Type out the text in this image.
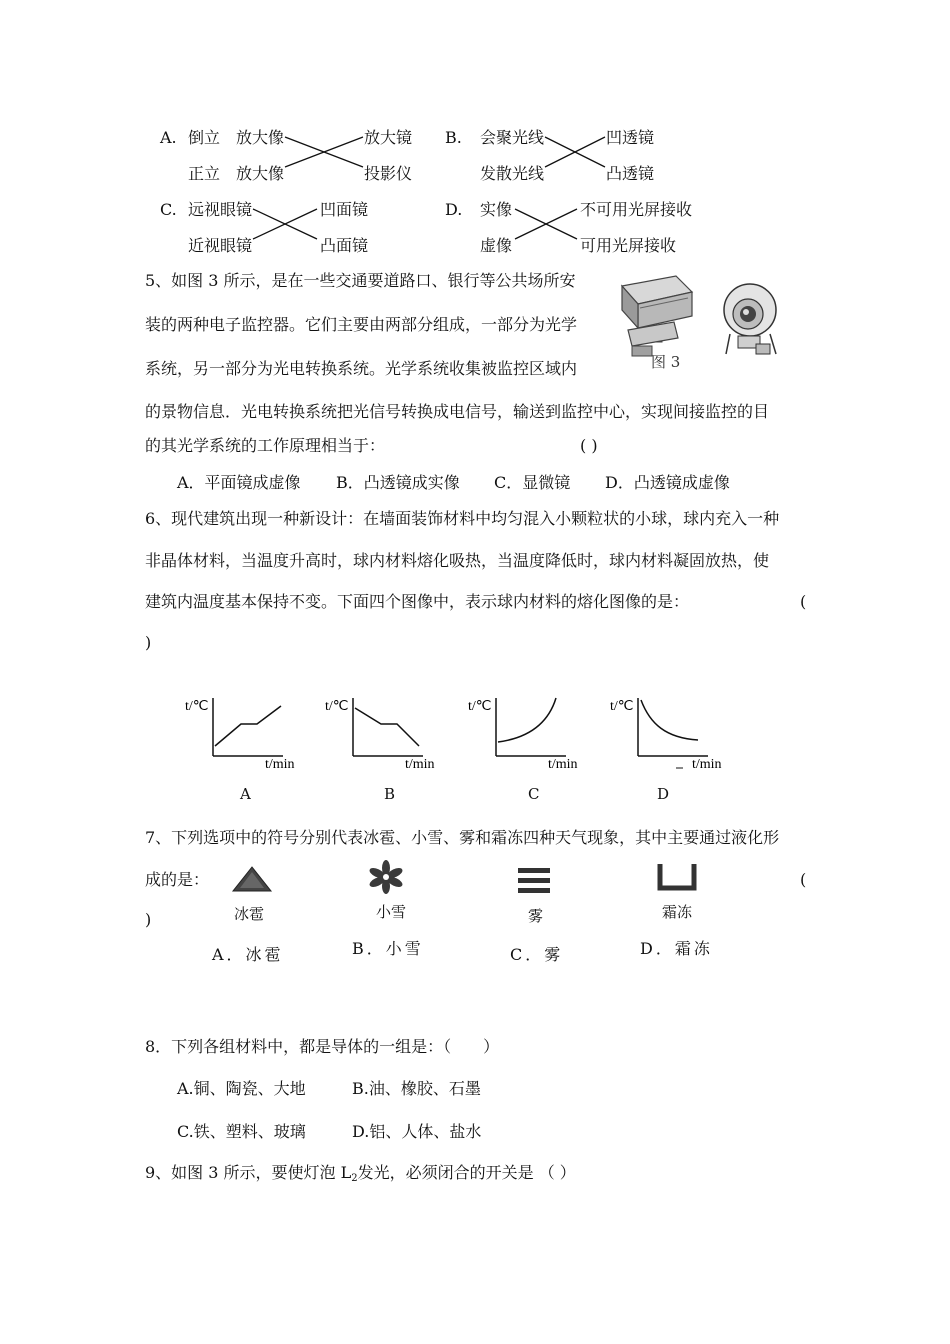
A. 倒立 放大像	放大镜
正立 放大像	投影仪
B. 会聚光线	凹透镜
发散光线	凸透镜
C. 远视眼镜	凹面镜
近视眼镜	凸面镜
D. 实像	不可用光屏接收
虚像	可用光屏接收
5、如图 3 所示，是在一些交通要道路口、银行等公共场所安
装的两种电子监控器。它们主要由两部分组成，一部分为光学
系统，另一部分为光电转换系统。光学系统收集被监控区域内
的景物信息．光电转换系统把光信号转换成电信号，输送到监控中心，实现间接监控的目
的其光学系统的工作原理相当于：	( )
图 3
A．平面镜成虚像 B．凸透镜成实像 C．显微镜 D．凸透镜成虚像
6、现代建筑出现一种新设计：在墙面装饰材料中均匀混入小颗粒状的小球，球内充入一种
非晶体材料，当温度升高时，球内材料熔化吸热，当温度降低时，球内材料凝固放热，使
建筑内温度基本保持不变。下面四个图像中，表示球内材料的熔化图像的是：	(
)
t/℃
t/min
t/℃
t/min
t/℃
t/min
t/℃
t/min
A	B	C	D
7、下列选项中的符号分别代表冰雹、小雪、雾和霜冻四种天气现象，其中主要通过液化形
成的是：	(
)	冰雹	小雪	雾	霜冻
A．冰雹	B．小雪	C．雾	D．霜冻
8．下列各组材料中，都是导体的一组是：（　　）
A.铜、陶瓷、大地	B.油、橡胶、石墨
C.铁、塑料、玻璃	D.铝、人体、盐水
9、如图 3 所示，要使灯泡 $L_2$发光，必须闭合的开关是 （ ）
